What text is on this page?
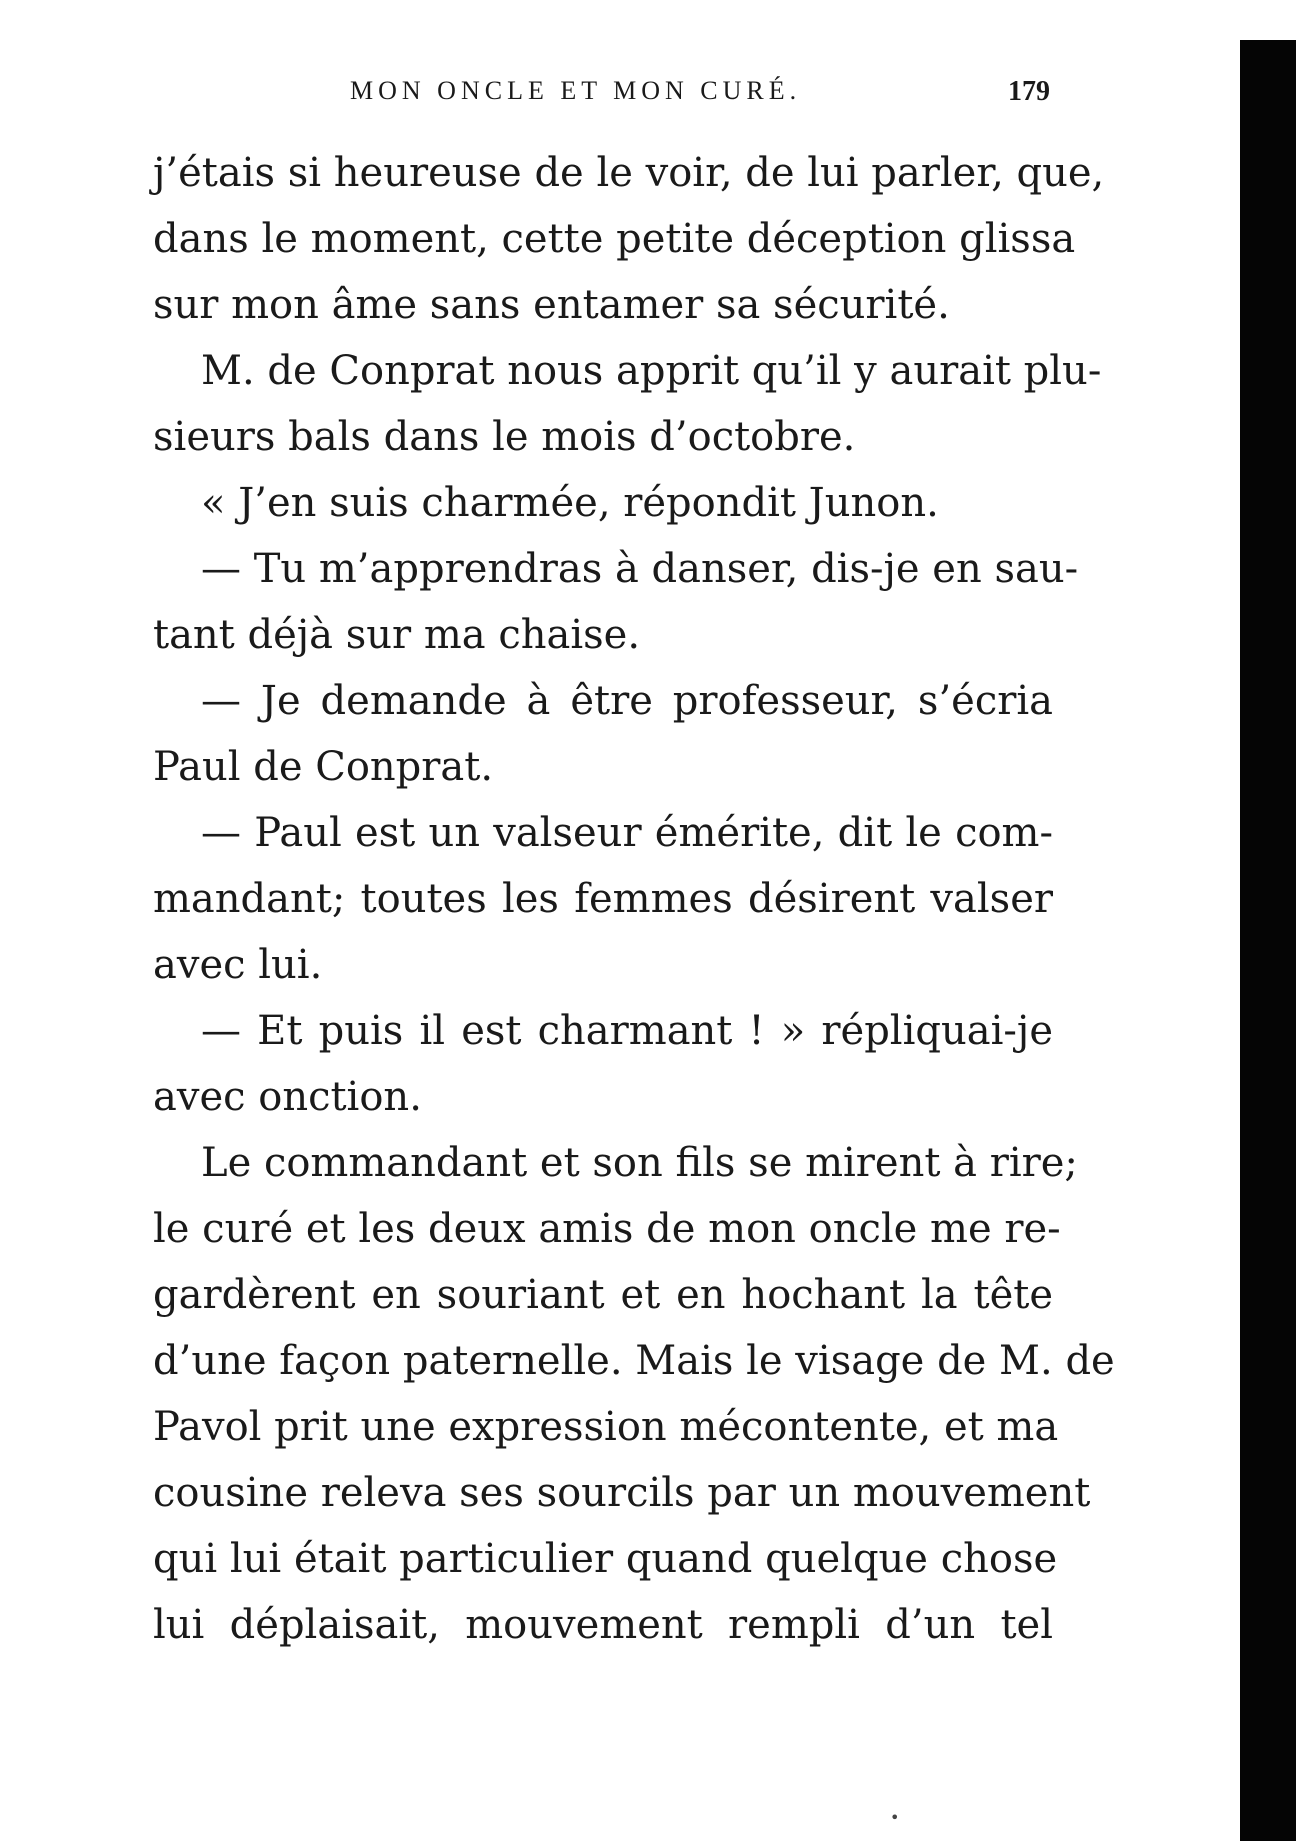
MON ONCLE ET MON CURÉ.	179
j’étais si heureuse de le voir, de lui parler, que,
dans le moment, cette petite déception glissa
sur mon âme sans entamer sa sécurité.
M. de Conprat nous apprit qu’il y aurait plu-
sieurs bals dans le mois d’octobre.
« J’en suis charmée, répondit Junon.
— Tu m’apprendras à danser, dis-je en sau-
tant déjà sur ma chaise.
— Je demande à être professeur, s’écria
Paul de Conprat.
— Paul est un valseur émérite, dit le com-
mandant; toutes les femmes désirent valser
avec lui.
— Et puis il est charmant ! » répliquai-je
avec onction.
Le commandant et son fils se mirent à rire;
le curé et les deux amis de mon oncle me re-
gardèrent en souriant et en hochant la tête
d’une façon paternelle. Mais le visage de M. de
Pavol prit une expression mécontente, et ma
cousine releva ses sourcils par un mouvement
qui lui était particulier quand quelque chose
lui déplaisait, mouvement rempli d’un tel
•
